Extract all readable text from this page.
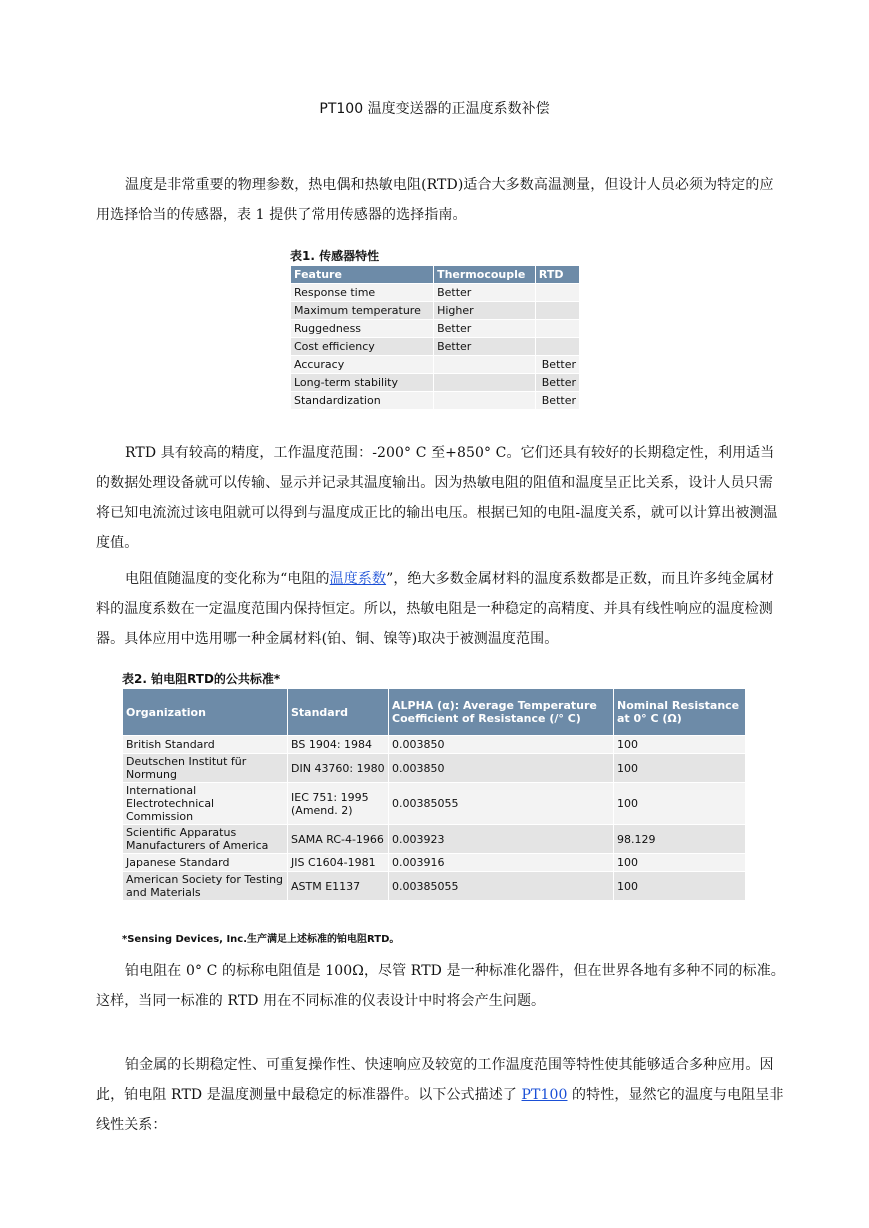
PT100 温度变送器的正温度系数补偿

温度是非常重要的物理参数，热电偶和热敏电阻(RTD)适合大多数高温测量，但设计人员必须为特定的应用选择恰当的传感器，表 1 提供了常用传感器的选择指南。

表1. 传感器特性
Feature	Thermocouple	RTD
Response time	Better	
Maximum temperature	Higher	
Ruggedness	Better	
Cost efficiency	Better	
Accuracy		Better
Long-term stability		Better
Standardization		Better

RTD 具有较高的精度，工作温度范围：-200° C 至+850° C。它们还具有较好的长期稳定性，利用适当的数据处理设备就可以传输、显示并记录其温度输出。因为热敏电阻的阻值和温度呈正比关系，设计人员只需将已知电流流过该电阻就可以得到与温度成正比的输出电压。根据已知的电阻-温度关系，就可以计算出被测温度值。

电阻值随温度的变化称为“电阻的温度系数”，绝大多数金属材料的温度系数都是正数，而且许多纯金属材料的温度系数在一定温度范围内保持恒定。所以，热敏电阻是一种稳定的高精度、并具有线性响应的温度检测器。具体应用中选用哪一种金属材料(铂、铜、镍等)取决于被测温度范围。

表2. 铂电阻RTD的公共标准*
Organization	Standard	ALPHA (α): Average Temperature Coefficient of Resistance (/° C)	Nominal Resistance at 0° C (Ω)
British Standard	BS 1904: 1984	0.003850	100
Deutschen Institut für Normung	DIN 43760: 1980	0.003850	100
International Electrotechnical Commission	IEC 751: 1995 (Amend. 2)	0.00385055	100
Scientific Apparatus Manufacturers of America	SAMA RC-4-1966	0.003923	98.129
Japanese Standard	JIS C1604-1981	0.003916	100
American Society for Testing and Materials	ASTM E1137	0.00385055	100
*Sensing Devices, Inc.生产满足上述标准的铂电阻RTD。

铂电阻在 0° C 的标称电阻值是 100Ω，尽管 RTD 是一种标准化器件，但在世界各地有多种不同的标准。这样，当同一标准的 RTD 用在不同标准的仪表设计中时将会产生问题。

铂金属的长期稳定性、可重复操作性、快速响应及较宽的工作温度范围等特性使其能够适合多种应用。因此，铂电阻 RTD 是温度测量中最稳定的标准器件。以下公式描述了 PT100 的特性，显然它的温度与电阻呈非线性关系：
